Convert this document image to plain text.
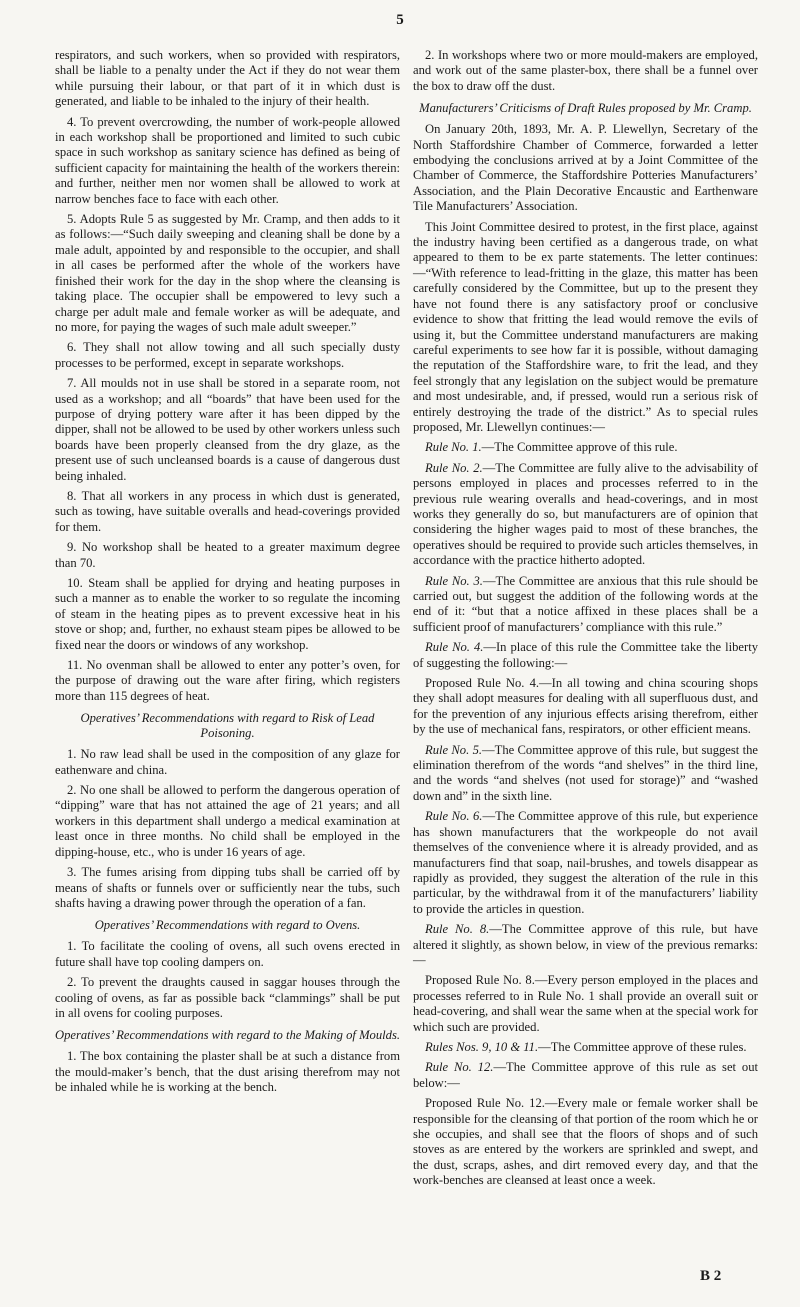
5

respirators, and such workers, when so provided with respirators, shall be liable to a penalty under the Act if they do not wear them while pursuing their labour, or that part of it in which dust is generated, and liable to be inhaled to the injury of their health.

4. To prevent overcrowding, the number of work-people allowed in each workshop shall be proportioned and limited to such cubic space in such workshop as sanitary science has defined as being of sufficient capacity for maintaining the health of the workers therein: and further, neither men nor women shall be allowed to work at narrow benches face to face with each other.

5. Adopts Rule 5 as suggested by Mr. Cramp, and then adds to it as follows:—“Such daily sweeping and cleaning shall be done by a male adult, appointed by and responsible to the occupier, and shall in all cases be performed after the whole of the workers have finished their work for the day in the shop where the cleansing is taking place. The occupier shall be empowered to levy such a charge per adult male and female worker as will be adequate, and no more, for paying the wages of such male adult sweeper.”

6. They shall not allow towing and all such specially dusty processes to be performed, except in separate workshops.

7. All moulds not in use shall be stored in a separate room, not used as a workshop; and all “boards” that have been used for the purpose of drying pottery ware after it has been dipped by the dipper, shall not be allowed to be used by other workers unless such boards have been properly cleansed from the dry glaze, as the present use of such uncleansed boards is a cause of dangerous dust being inhaled.

8. That all workers in any process in which dust is generated, such as towing, have suitable overalls and head-coverings provided for them.

9. No workshop shall be heated to a greater maximum degree than 70.

10. Steam shall be applied for drying and heating purposes in such a manner as to enable the worker to so regulate the incoming of steam in the heating pipes as to prevent excessive heat in his stove or shop; and, further, no exhaust steam pipes be allowed to be fixed near the doors or windows of any workshop.

11. No ovenman shall be allowed to enter any potter’s oven, for the purpose of drawing out the ware after firing, which registers more than 115 degrees of heat.

Operatives’ Recommendations with regard to Risk of Lead Poisoning.

1. No raw lead shall be used in the composition of any glaze for eathenware and china.

2. No one shall be allowed to perform the dangerous operation of “dipping” ware that has not attained the age of 21 years; and all workers in this department shall undergo a medical examination at least once in three months. No child shall be employed in the dipping-house, etc., who is under 16 years of age.

3. The fumes arising from dipping tubs shall be carried off by means of shafts or funnels over or sufficiently near the tubs, such shafts having a drawing power through the operation of a fan.

Operatives’ Recommendations with regard to Ovens.

1. To facilitate the cooling of ovens, all such ovens erected in future shall have top cooling dampers on.

2. To prevent the draughts caused in saggar houses through the cooling of ovens, as far as possible back “clammings” shall be put in all ovens for cooling purposes.

Operatives’ Recommendations with regard to the Making of Moulds.

1. The box containing the plaster shall be at such a distance from the mould-maker’s bench, that the dust arising therefrom may not be inhaled while he is working at the bench.

2. In workshops where two or more mould-makers are employed, and work out of the same plaster-box, there shall be a funnel over the box to draw off the dust.

Manufacturers’ Criticisms of Draft Rules proposed by Mr. Cramp.

On January 20th, 1893, Mr. A. P. Llewellyn, Secretary of the North Staffordshire Chamber of Commerce, forwarded a letter embodying the conclusions arrived at by a Joint Committee of the Chamber of Commerce, the Staffordshire Potteries Manufacturers’ Association, and the Plain Decorative Encaustic and Earthenware Tile Manufacturers’ Association.

This Joint Committee desired to protest, in the first place, against the industry having been certified as a dangerous trade, on what appeared to them to be ex parte statements. The letter continues:—“With reference to lead-fritting in the glaze, this matter has been carefully considered by the Committee, but up to the present they have not found there is any satisfactory proof or conclusive evidence to show that fritting the lead would remove the evils of using it, but the Committee understand manufacturers are making careful experiments to see how far it is possible, without damaging the reputation of the Staffordshire ware, to frit the lead, and they feel strongly that any legislation on the subject would be premature and most undesirable, and, if pressed, would run a serious risk of entirely destroying the trade of the district.” As to special rules proposed, Mr. Llewellyn continues:—

Rule No. 1.—The Committee approve of this rule.

Rule No. 2.—The Committee are fully alive to the advisability of persons employed in places and processes referred to in the previous rule wearing overalls and head-coverings, and in most works they generally do so, but manufacturers are of opinion that considering the higher wages paid to most of these branches, the operatives should be required to provide such articles themselves, in accordance with the practice hitherto adopted.

Rule No. 3.—The Committee are anxious that this rule should be carried out, but suggest the addition of the following words at the end of it: “but that a notice affixed in these places shall be a sufficient proof of manufacturers’ compliance with this rule.”

Rule No. 4.—In place of this rule the Committee take the liberty of suggesting the following:—

Proposed Rule No. 4.—In all towing and china scouring shops they shall adopt measures for dealing with all superfluous dust, and for the prevention of any injurious effects arising therefrom, either by the use of mechanical fans, respirators, or other efficient means.

Rule No. 5.—The Committee approve of this rule, but suggest the elimination therefrom of the words “and shelves” in the third line, and the words “and shelves (not used for storage)” and “washed down and” in the sixth line.

Rule No. 6.—The Committee approve of this rule, but experience has shown manufacturers that the workpeople do not avail themselves of the convenience where it is already provided, and as manufacturers find that soap, nail-brushes, and towels disappear as rapidly as provided, they suggest the alteration of the rule in this particular, by the withdrawal from it of the manufacturers’ liability to provide the articles in question.

Rule No. 8.—The Committee approve of this rule, but have altered it slightly, as shown below, in view of the previous remarks:—

Proposed Rule No. 8.—Every person employed in the places and processes referred to in Rule No. 1 shall provide an overall suit or head-covering, and shall wear the same when at the special work for which such are provided.

Rules Nos. 9, 10 & 11.—The Committee approve of these rules.

Rule No. 12.—The Committee approve of this rule as set out below:—

Proposed Rule No. 12.—Every male or female worker shall be responsible for the cleansing of that portion of the room which he or she occupies, and shall see that the floors of shops and of such stoves as are entered by the workers are sprinkled and swept, and the dust, scraps, ashes, and dirt removed every day, and that the work-benches are cleansed at least once a week.

B 2
